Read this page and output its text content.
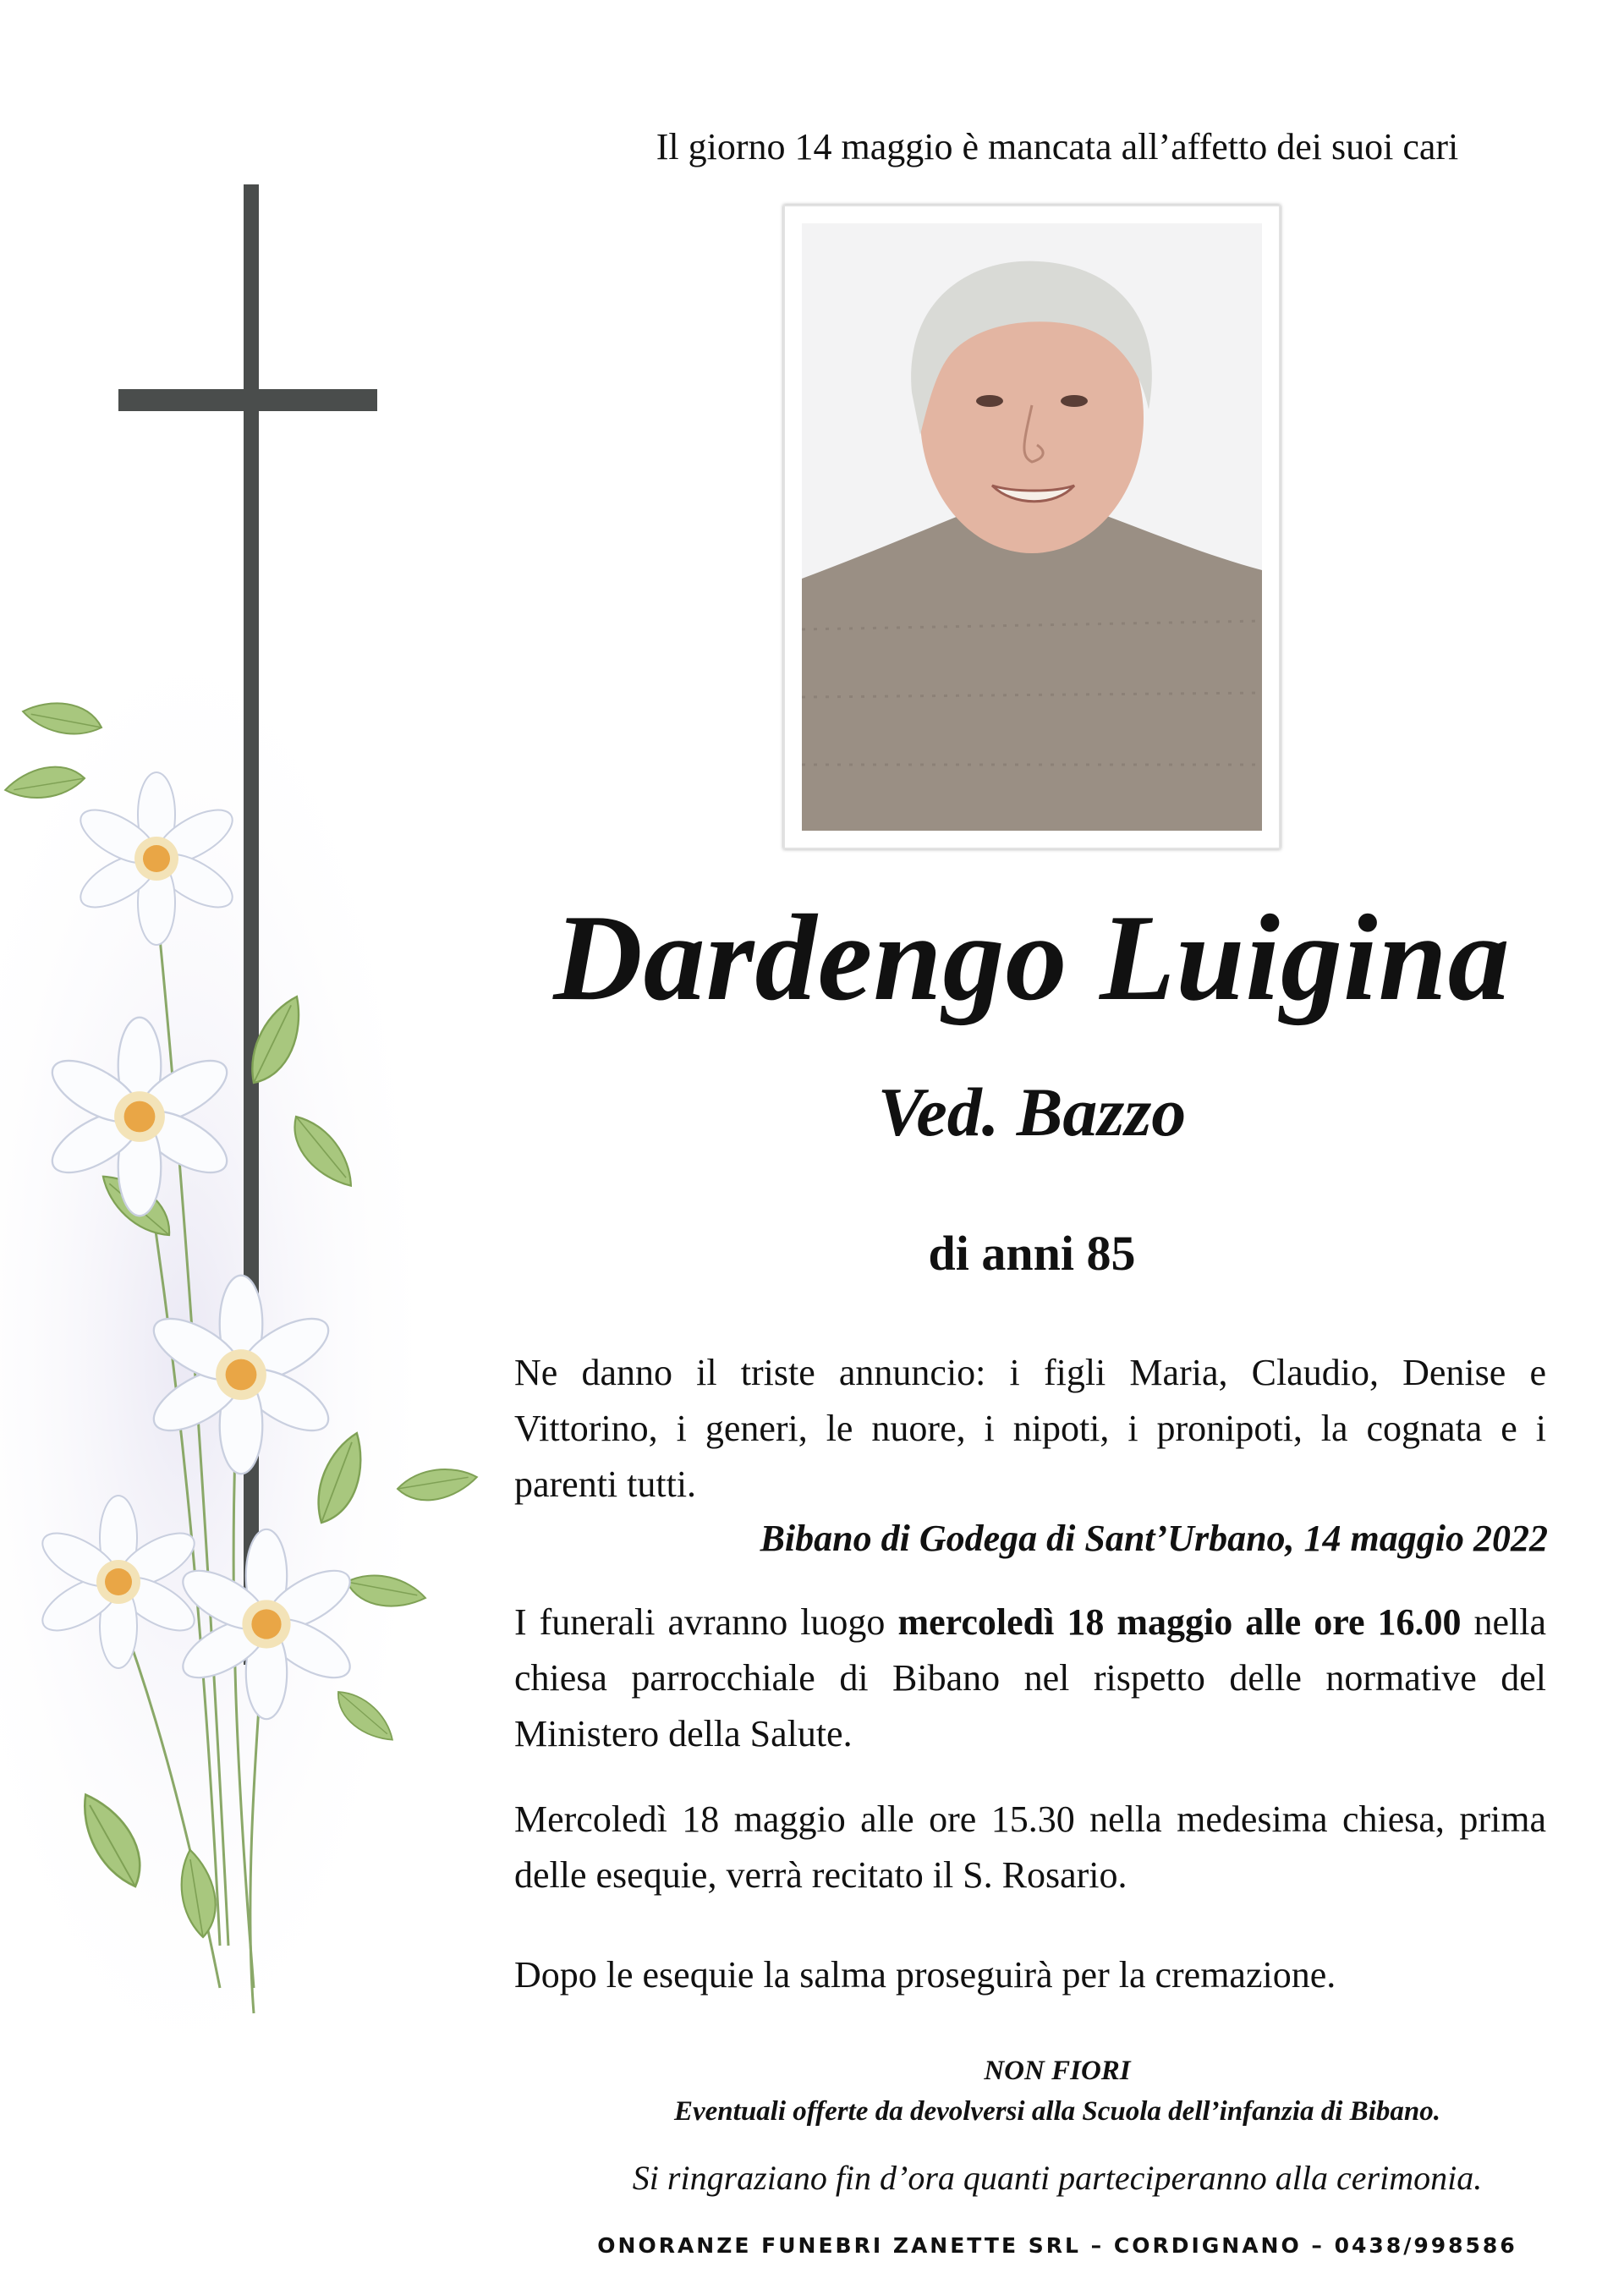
Il giorno 14 maggio è mancata all’affetto dei suoi cari
Dardengo Luigina
Ved. Bazzo
di anni 85
Ne danno il triste annuncio: i figli Maria, Claudio, Denise e Vittorino, i generi, le nuore, i nipoti, i pronipoti, la cognata e i parenti tutti.
Bibano di Godega di Sant’Urbano, 14 maggio 2022
I funerali avranno luogo mercoledì 18 maggio alle ore 16.00 nella chiesa parrocchiale di Bibano nel rispetto delle normative del Ministero della Salute.
Mercoledì 18 maggio alle ore 15.30 nella medesima chiesa, prima delle esequie, verrà recitato il S. Rosario.
Dopo le esequie la salma proseguirà per la cremazione.
NON FIORI
Eventuali offerte da devolversi alla Scuola dell’infanzia di Bibano.
Si ringraziano fin d’ora quanti parteciperanno alla cerimonia.
ONORANZE FUNEBRI ZANETTE SRL – CORDIGNANO – 0438/998586
